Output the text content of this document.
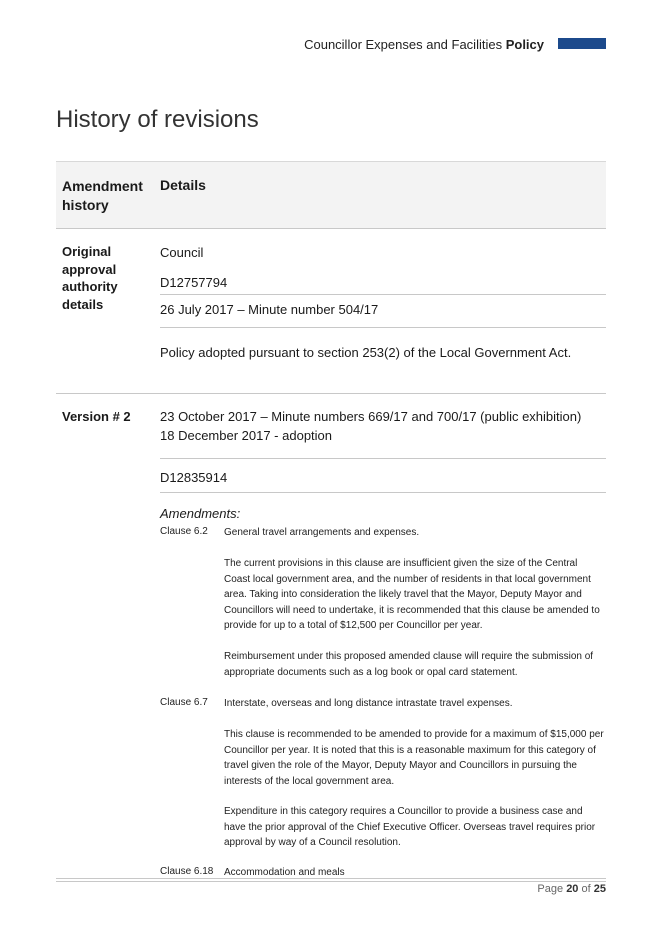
Councillor Expenses and Facilities Policy
History of revisions
Amendment history
Details
Original approval authority details
Council
D12757794
26 July 2017 – Minute number 504/17
Policy adopted pursuant to section 253(2) of the Local Government Act.
Version # 2	23 October 2017 – Minute numbers 669/17 and 700/17 (public exhibition)
18 December 2017 - adoption
D12835914
Amendments:
Clause 6.2 General travel arrangements and expenses.
The current provisions in this clause are insufficient given the size of the Central Coast local government area, and the number of residents in that local government area. Taking into consideration the likely travel that the Mayor, Deputy Mayor and Councillors will need to undertake, it is recommended that this clause be amended to provide for up to a total of $12,500 per Councillor per year.
Reimbursement under this proposed amended clause will require the submission of appropriate documents such as a log book or opal card statement.
Clause 6.7 Interstate, overseas and long distance intrastate travel expenses.
This clause is recommended to be amended to provide for a maximum of $15,000 per Councillor per year. It is noted that this is a reasonable maximum for this category of travel given the role of the Mayor, Deputy Mayor and Councillors in pursuing the interests of the local government area.
Expenditure in this category requires a Councillor to provide a business case and have the prior approval of the Chief Executive Officer. Overseas travel requires prior approval by way of a Council resolution.
Clause 6.18 Accommodation and meals
Page 20 of 25
